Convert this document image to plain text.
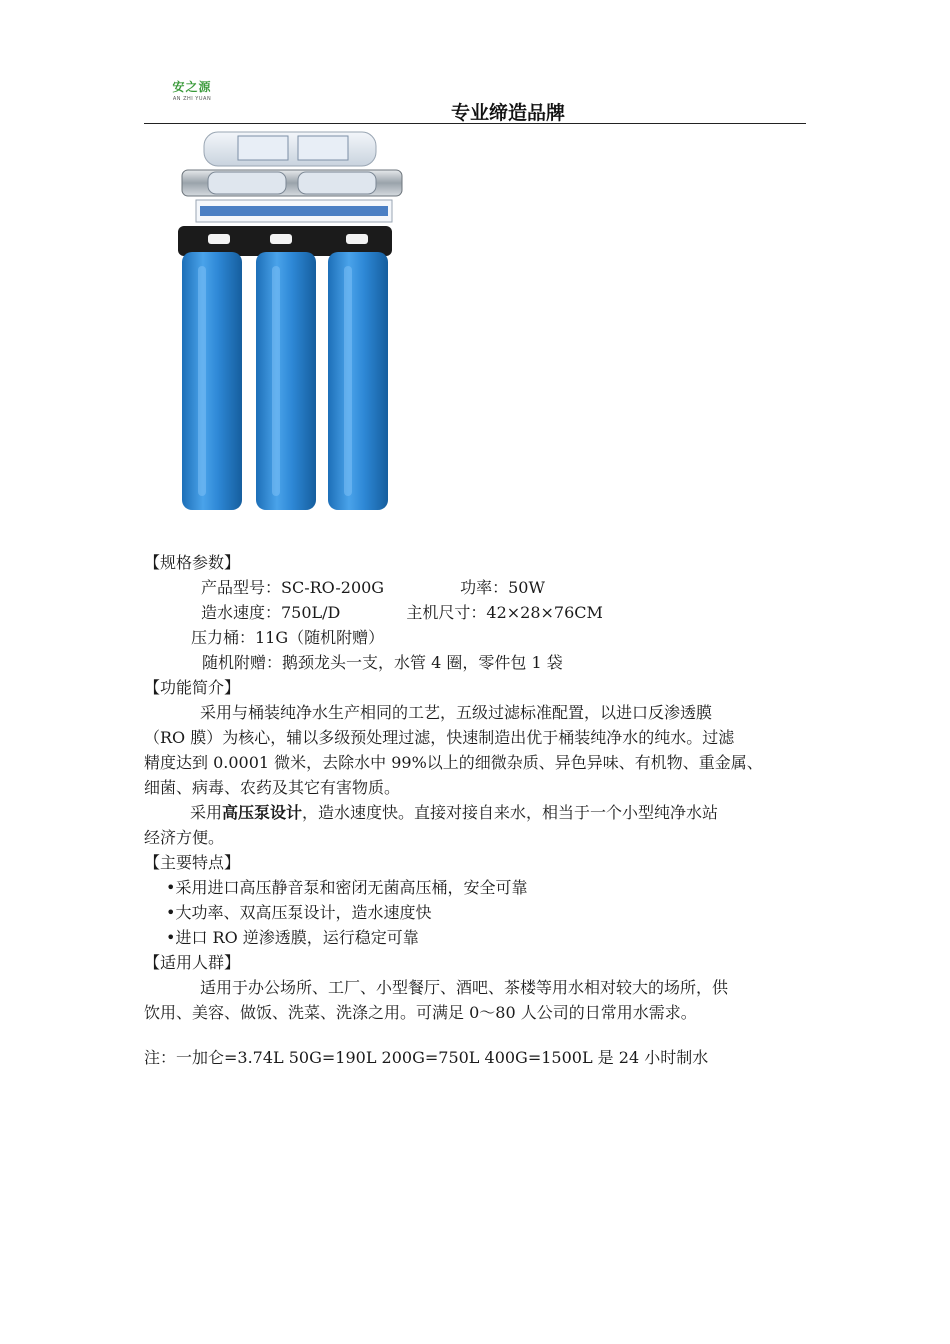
安之源
AN ZHI YUAN
专业缔造品牌
【规格参数】
产品型号：SC-RO-200G	功率：50W
造水速度：750L/D	主机尺寸：42×28×76CM
压力桶：11G（随机附赠）
随机附赠：鹅颈龙头一支，水管 4 圈，零件包 1 袋
【功能简介】
采用与桶装纯净水生产相同的工艺，五级过滤标准配置，以进口反渗透膜
（RO 膜）为核心，辅以多级预处理过滤，快速制造出优于桶装纯净水的纯水。过滤
精度达到 0.0001 微米，去除水中 99%以上的细微杂质、异色异味、有机物、重金属、
细菌、病毒、农药及其它有害物质。
采用高压泵设计，造水速度快。直接对接自来水，相当于一个小型纯净水站
经济方便。
【主要特点】
•采用进口高压静音泵和密闭无菌高压桶，安全可靠
•大功率、双高压泵设计，造水速度快
•进口 RO 逆渗透膜，运行稳定可靠
【适用人群】
适用于办公场所、工厂、小型餐厅、酒吧、茶楼等用水相对较大的场所，供
饮用、美容、做饭、洗菜、洗涤之用。可满足 0～80 人公司的日常用水需求。
注：一加仑=3.74L 50G=190L 200G=750L 400G=1500L 是 24 小时制水
